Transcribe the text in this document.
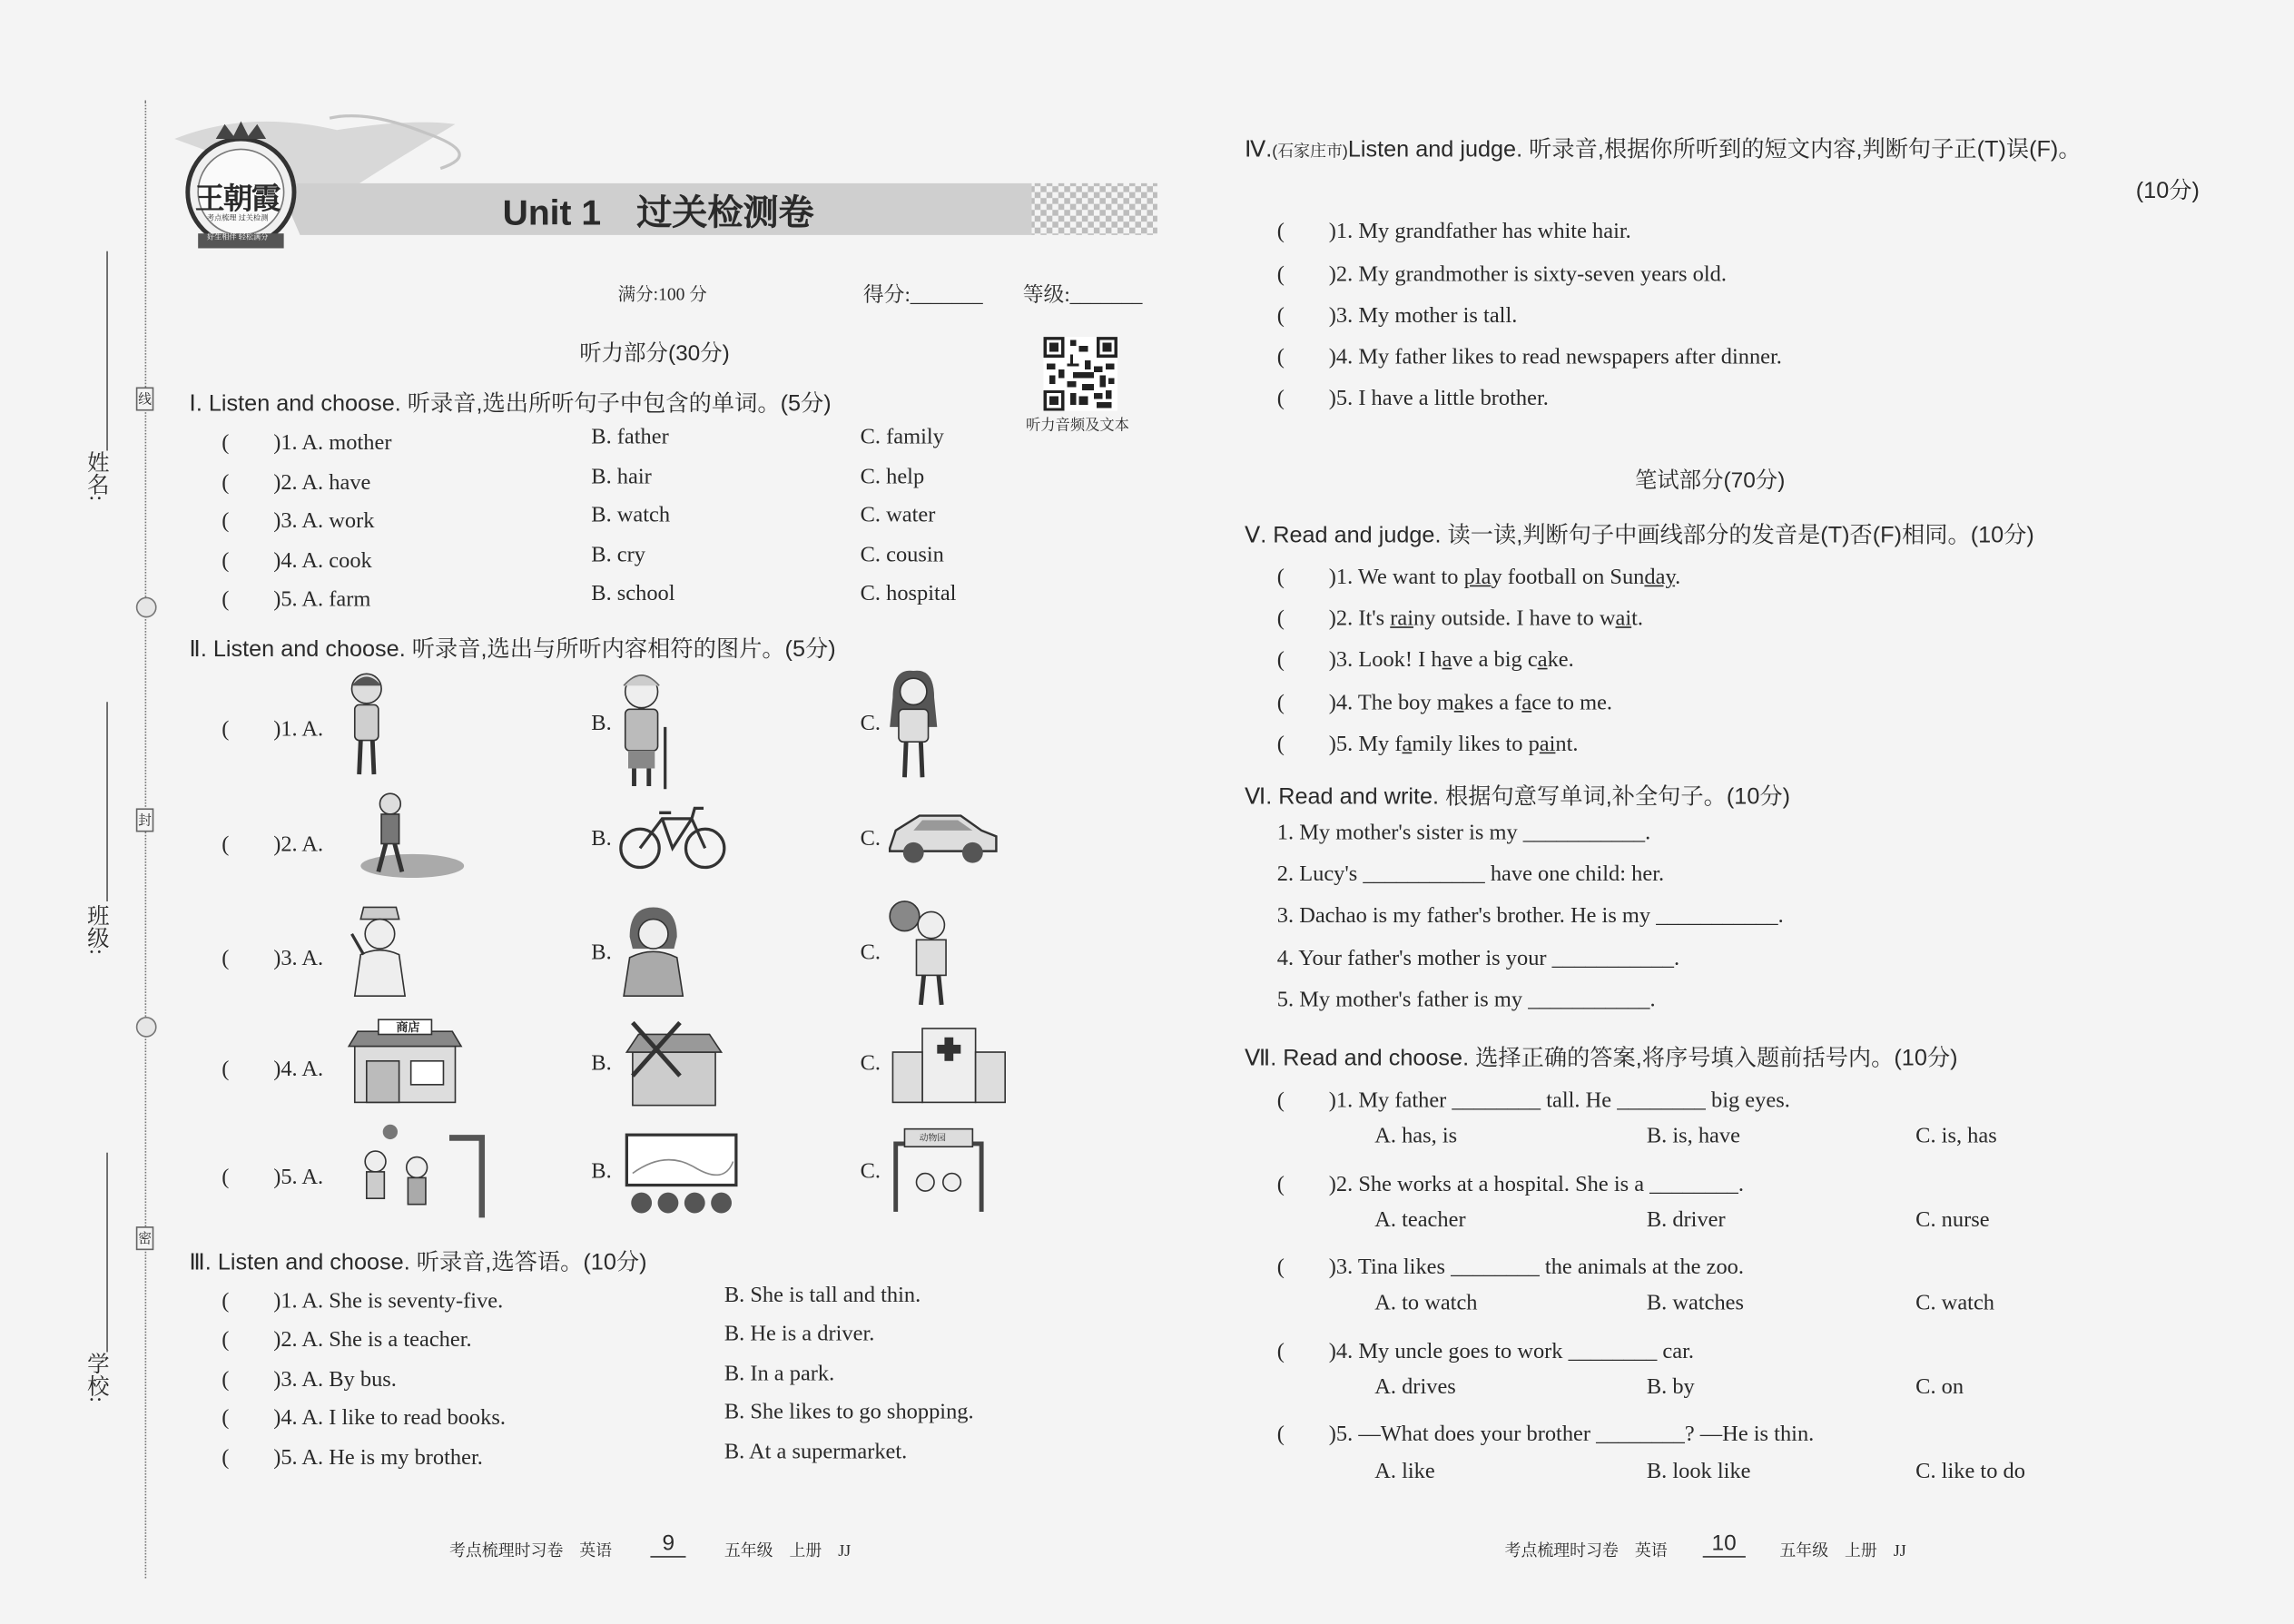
姓名:
班级:
学校:
线
封
密
王朝霞
考点梳理 过关检测
好生相伴 轻松满分
Unit 1　过关检测卷
满分:100 分	得分:_______	等级:_______
听力音频及文本
听力部分(30分)
Ⅰ. Listen and choose. 听录音,选出所听句子中包含的单词。(5分)
(　　)1. A. mother	B. father	C. family
(　　)2. A. have	B. hair	C. help
(　　)3. A. work	B. watch	C. water
(　　)4. A. cook	B. cry	C. cousin
(　　)5. A. farm	B. school	C. hospital
Ⅱ. Listen and choose. 听录音,选出与所听内容相符的图片。(5分)
(　　)1. A.	B.	C.
(　　)2. A.	B.	C.
(　　)3. A.	B.	C.
(　　)4. A.	B.	C.
商店
(　　)5. A.	B.	C.
动物园
Ⅲ. Listen and choose. 听录音,选答语。(10分)
(　　)1. A. She is seventy-five.	B. She is tall and thin.
(　　)2. A. She is a teacher.	B. He is a driver.
(　　)3. A. By bus.	B. In a park.
(　　)4. A. I like to read books.	B. She likes to go shopping.
(　　)5. A. He is my brother.	B. At a supermarket.
考点梳理时习卷　英语	9	五年级　上册　JJ
Ⅳ.(石家庄市)Listen and judge. 听录音,根据你所听到的短文内容,判断句子正(T)误(F)。
(10分)
(　　)1. My grandfather has white hair.
(　　)2. My grandmother is sixty-seven years old.
(　　)3. My mother is tall.
(　　)4. My father likes to read newspapers after dinner.
(　　)5. I have a little brother.
笔试部分(70分)
Ⅴ. Read and judge. 读一读,判断句子中画线部分的发音是(T)否(F)相同。(10分)
(　　)1. We want to play football on Sunday.
(　　)2. It's rainy outside. I have to wait.
(　　)3. Look! I have a big cake.
(　　)4. The boy makes a face to me.
(　　)5. My family likes to paint.
Ⅵ. Read and write. 根据句意写单词,补全句子。(10分)
1. My mother's sister is my ___________.
2. Lucy's ___________ have one child: her.
3. Dachao is my father's brother. He is my ___________.
4. Your father's mother is your ___________.
5. My mother's father is my ___________.
Ⅶ. Read and choose. 选择正确的答案,将序号填入题前括号内。(10分)
(　　)1. My father ________ tall. He ________ big eyes.
A. has, is	B. is, have	C. is, has
(　　)2. She works at a hospital. She is a ________.
A. teacher	B. driver	C. nurse
(　　)3. Tina likes ________ the animals at the zoo.
A. to watch	B. watches	C. watch
(　　)4. My uncle goes to work ________ car.
A. drives	B. by	C. on
(　　)5. —What does your brother ________? —He is thin.
A. like	B. look like	C. like to do
考点梳理时习卷　英语	10	五年级　上册　JJ
